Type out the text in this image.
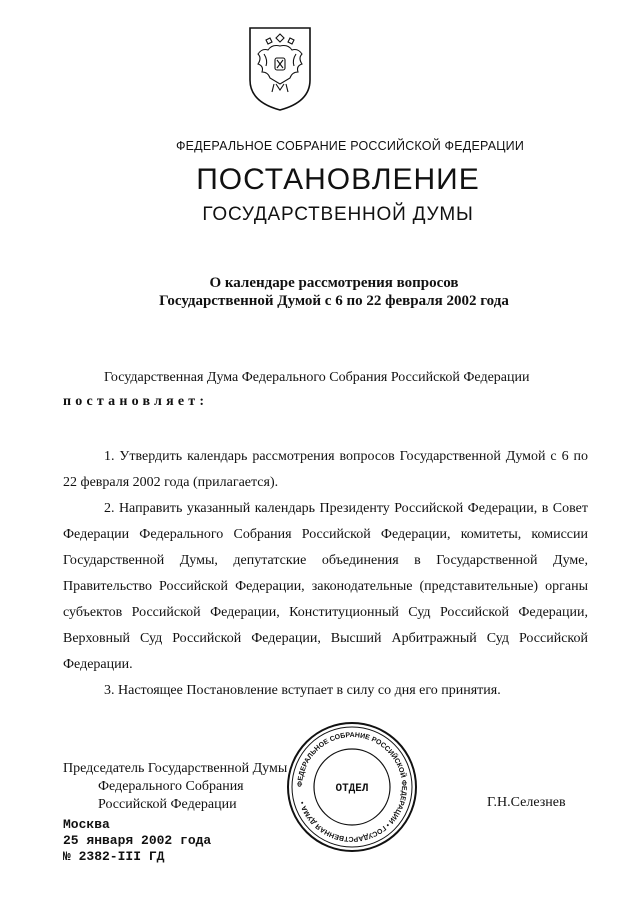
ФЕДЕРАЛЬНОЕ СОБРАНИЕ РОССИЙСКОЙ ФЕДЕРАЦИИ
ПОСТАНОВЛЕНИЕ
ГОСУДАРСТВЕННОЙ ДУМЫ
О календаре рассмотрения вопросов
Государственной Думой с 6 по 22 февраля 2002 года
Государственная Дума Федерального Собрания Российской Федерации
постановляет:
1. Утвердить календарь рассмотрения вопросов Государственной Думой с 6 по 22 февраля 2002 года (прилагается).
2. Направить указанный календарь Президенту Российской Федерации, в Совет Федерации Федерального Собрания Российской Федерации, комитеты, комиссии Государственной Думы, депутатские объединения в Государственной Думе, Правительство Российской Федерации, законодательные (представительные) органы субъектов Российской Федерации, Конституционный Суд Российской Федерации, Верховный Суд Российской Федерации, Высший Арбитражный Суд Российской Федерации.
3. Настоящее Постановление вступает в силу со дня его принятия.
Председатель Государственной Думы
Федерального Собрания
Российской Федерации	Г.Н.Селезнев
Москва
25 января 2002 года
№ 2382-III ГД
ФЕДЕРАЛЬНОЕ СОБРАНИЕ РОССИЙСКОЙ ФЕДЕРАЦИИ • ГОСУДАРСТВЕННАЯ ДУМА •
ОТДЕЛ
